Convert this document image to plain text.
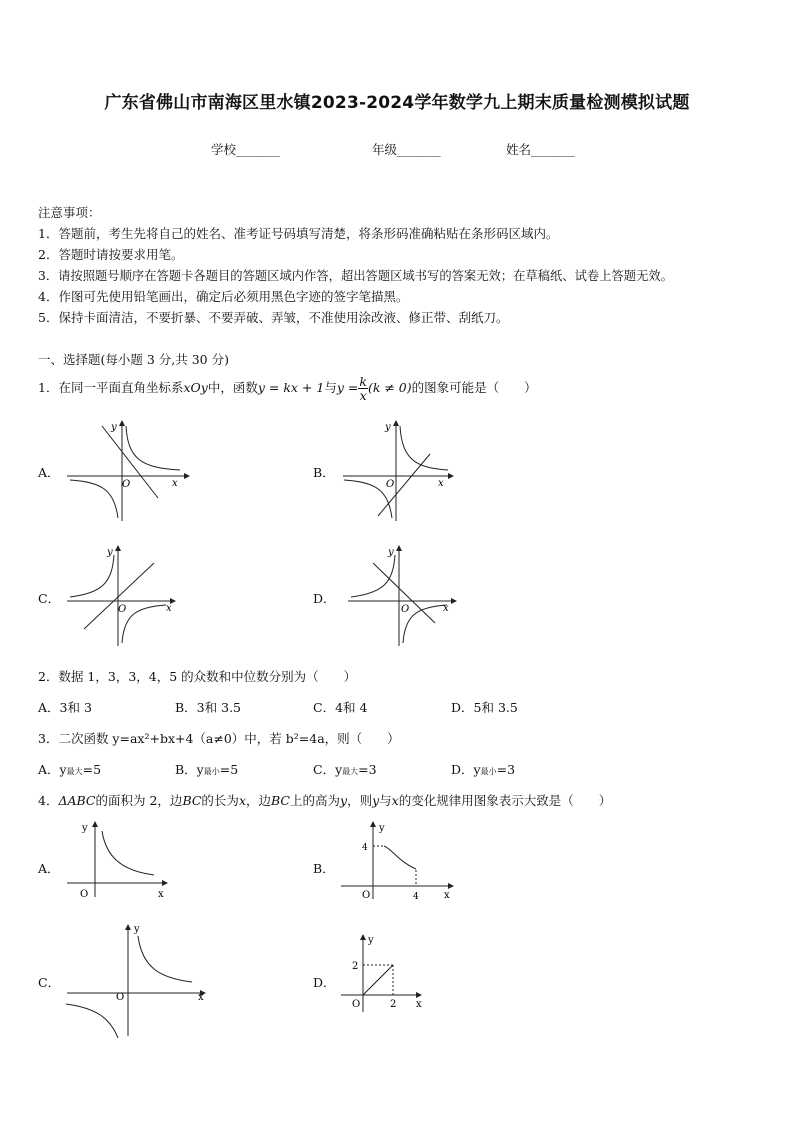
广东省佛山市南海区里水镇2023-2024学年数学九上期末质量检测模拟试题
学校_______	年级_______	姓名_______
注意事项：
1．答题前，考生先将自己的姓名、准考证号码填写清楚，将条形码准确粘贴在条形码区域内。
2．答题时请按要求用笔。
3．请按照题号顺序在答题卡各题目的答题区域内作答，超出答题区域书写的答案无效；在草稿纸、试卷上答题无效。
4．作图可先使用铅笔画出，确定后必须用黑色字迹的签字笔描黑。
5．保持卡面清洁，不要折暴、不要弄破、弄皱，不准使用涂改液、修正带、刮纸刀。
一、选择题(每小题 3 分,共 30 分)
1．在同一平面直角坐标系xOy中，函数y = kx + 1与$y = \frac{k}{x} (k \ne 0)$的图象可能是（　　）
A．	B．
C．	D．
x
y
O	x
y
O
x
y
O	x
y
O
2．数据 1，3，3，4，5 的众数和中位数分别为（　　）
A．3和 3	B．3和 3.5	C．4和 4	D．5和 3.5
3．二次函数 y=ax²+bx+4（a≠0）中，若 b²=4a，则（　　）
A．y最大=5	B．y最小=5	C．y最大=3	D．y最小=3
4．ΔABC的面积为 2，边BC的长为x，边BC上的高为y，则y与x的变化规律用图象表示大致是（　　）
A．	B．
C．	D．
x
y
O
4
4	x
y
O
x
y
O
2
2 x
y
O
